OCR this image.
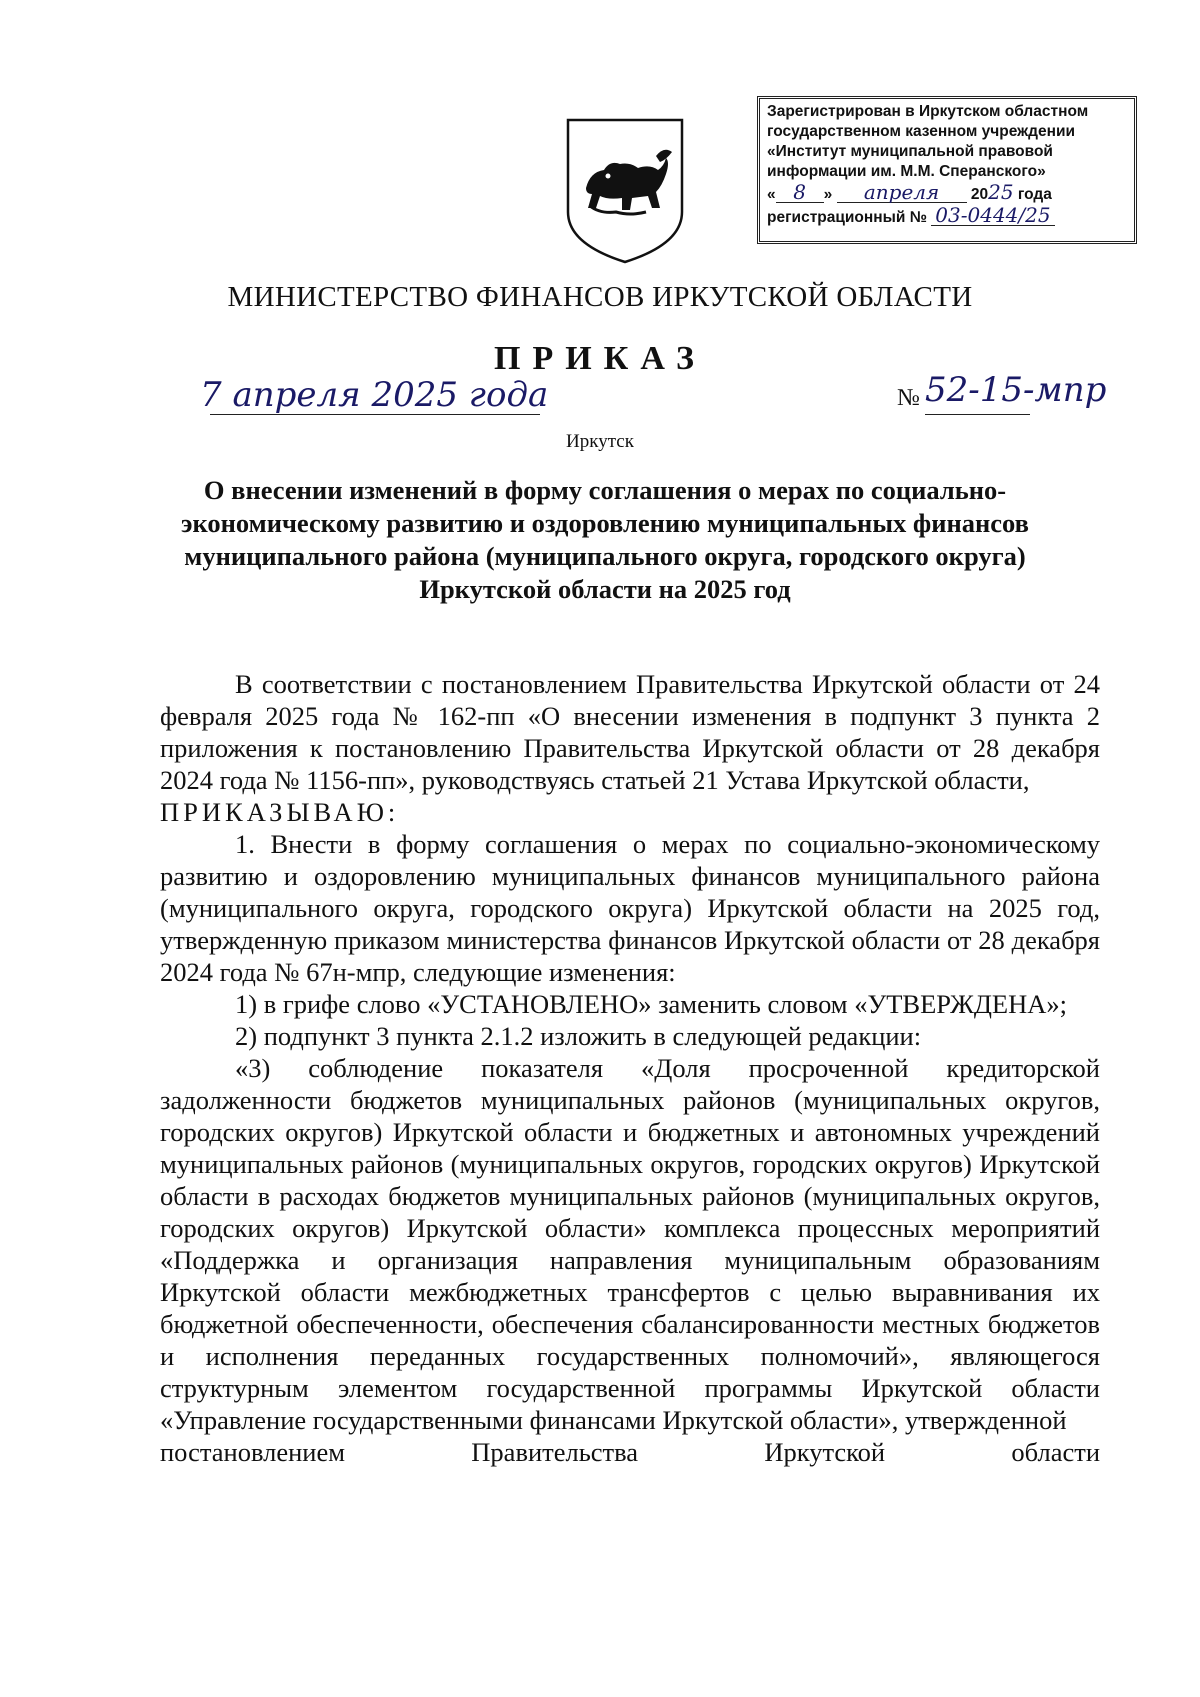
Зарегистрирован в Иркутском областном
государственном казенном учреждении
«Институт муниципальной правовой
информации им. М.М. Сперанского»
« 8 » апреля 2025 года
регистрационный № 03-0444/25
МИНИСТЕРСТВО ФИНАНСОВ ИРКУТСКОЙ ОБЛАСТИ
ПРИКАЗ
7 апреля 2025 года	№ 52-15-мпр
Иркутск
О внесении изменений в форму соглашения о мерах по социально-экономическому развитию и оздоровлению муниципальных финансов муниципального района (муниципального округа, городского округа) Иркутской области на 2025 год

В соответствии с постановлением Правительства Иркутской области от 24 февраля 2025 года № 162-пп «О внесении изменения в подпункт 3 пункта 2 приложения к постановлению Правительства Иркутской области от 28 декабря 2024 года № 1156-пп», руководствуясь статьей 21 Устава Иркутской области,

ПРИКАЗЫВАЮ:

1. Внести в форму соглашения о мерах по социально-экономическому развитию и оздоровлению муниципальных финансов муниципального района (муниципального округа, городского округа) Иркутской области на 2025 год, утвержденную приказом министерства финансов Иркутской области от 28 декабря 2024 года № 67н-мпр, следующие изменения:

1) в грифе слово «УСТАНОВЛЕНО» заменить словом «УТВЕРЖДЕНА»;

2) подпункт 3 пункта 2.1.2 изложить в следующей редакции:

«3) соблюдение показателя «Доля просроченной кредиторской задолженности бюджетов муниципальных районов (муниципальных округов, городских округов) Иркутской области и бюджетных и автономных учреждений муниципальных районов (муниципальных округов, городских округов) Иркутской области в расходах бюджетов муниципальных районов (муниципальных округов, городских округов) Иркутской области» комплекса процессных мероприятий «Поддержка и организация направления муниципальным образованиям Иркутской области межбюджетных трансфертов с целью выравнивания их бюджетной обеспеченности, обеспечения сбалансированности местных бюджетов и исполнения переданных государственных полномочий», являющегося структурным элементом государственной программы Иркутской области «Управление государственными финансами Иркутской области», утвержденной

постановлением Правительства Иркутской области
